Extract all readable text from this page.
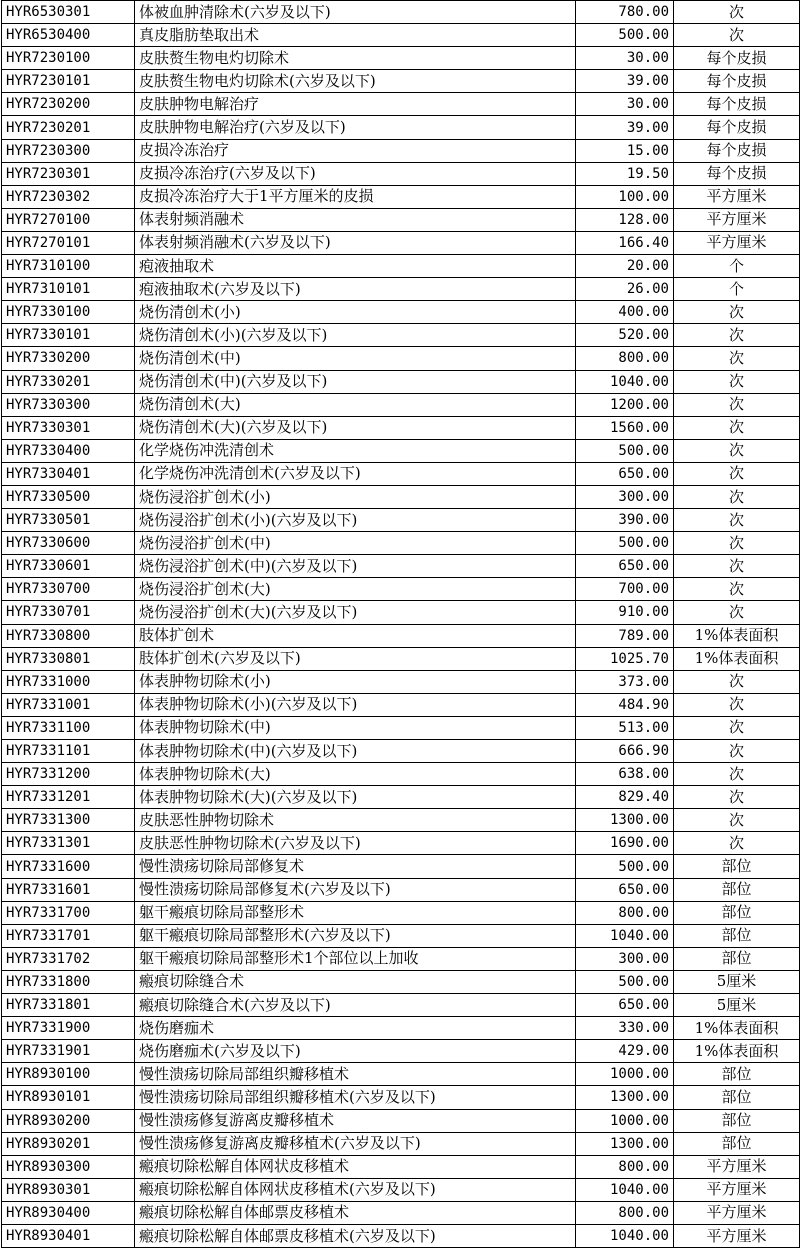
HYR6530301	体被血肿清除术(六岁及以下)	780.00	次
HYR6530400	真皮脂肪垫取出术	500.00	次
HYR7230100	皮肤赘生物电灼切除术	30.00	每个皮损
HYR7230101	皮肤赘生物电灼切除术(六岁及以下)	39.00	每个皮损
HYR7230200	皮肤肿物电解治疗	30.00	每个皮损
HYR7230201	皮肤肿物电解治疗(六岁及以下)	39.00	每个皮损
HYR7230300	皮损冷冻治疗	15.00	每个皮损
HYR7230301	皮损冷冻治疗(六岁及以下)	19.50	每个皮损
HYR7230302	皮损冷冻治疗大于1平方厘米的皮损	100.00	平方厘米
HYR7270100	体表射频消融术	128.00	平方厘米
HYR7270101	体表射频消融术(六岁及以下)	166.40	平方厘米
HYR7310100	疱液抽取术	20.00	个
HYR7310101	疱液抽取术(六岁及以下)	26.00	个
HYR7330100	烧伤清创术(小)	400.00	次
HYR7330101	烧伤清创术(小)(六岁及以下)	520.00	次
HYR7330200	烧伤清创术(中)	800.00	次
HYR7330201	烧伤清创术(中)(六岁及以下)	1040.00	次
HYR7330300	烧伤清创术(大)	1200.00	次
HYR7330301	烧伤清创术(大)(六岁及以下)	1560.00	次
HYR7330400	化学烧伤冲洗清创术	500.00	次
HYR7330401	化学烧伤冲洗清创术(六岁及以下)	650.00	次
HYR7330500	烧伤浸浴扩创术(小)	300.00	次
HYR7330501	烧伤浸浴扩创术(小)(六岁及以下)	390.00	次
HYR7330600	烧伤浸浴扩创术(中)	500.00	次
HYR7330601	烧伤浸浴扩创术(中)(六岁及以下)	650.00	次
HYR7330700	烧伤浸浴扩创术(大)	700.00	次
HYR7330701	烧伤浸浴扩创术(大)(六岁及以下)	910.00	次
HYR7330800	肢体扩创术	789.00	1%体表面积
HYR7330801	肢体扩创术(六岁及以下)	1025.70	1%体表面积
HYR7331000	体表肿物切除术(小)	373.00	次
HYR7331001	体表肿物切除术(小)(六岁及以下)	484.90	次
HYR7331100	体表肿物切除术(中)	513.00	次
HYR7331101	体表肿物切除术(中)(六岁及以下)	666.90	次
HYR7331200	体表肿物切除术(大)	638.00	次
HYR7331201	体表肿物切除术(大)(六岁及以下)	829.40	次
HYR7331300	皮肤恶性肿物切除术	1300.00	次
HYR7331301	皮肤恶性肿物切除术(六岁及以下)	1690.00	次
HYR7331600	慢性溃疡切除局部修复术	500.00	部位
HYR7331601	慢性溃疡切除局部修复术(六岁及以下)	650.00	部位
HYR7331700	躯干瘢痕切除局部整形术	800.00	部位
HYR7331701	躯干瘢痕切除局部整形术(六岁及以下)	1040.00	部位
HYR7331702	躯干瘢痕切除局部整形术1个部位以上加收	300.00	部位
HYR7331800	瘢痕切除缝合术	500.00	5厘米
HYR7331801	瘢痕切除缝合术(六岁及以下)	650.00	5厘米
HYR7331900	烧伤磨痂术	330.00	1%体表面积
HYR7331901	烧伤磨痂术(六岁及以下)	429.00	1%体表面积
HYR8930100	慢性溃疡切除局部组织瓣移植术	1000.00	部位
HYR8930101	慢性溃疡切除局部组织瓣移植术(六岁及以下)	1300.00	部位
HYR8930200	慢性溃疡修复游离皮瓣移植术	1000.00	部位
HYR8930201	慢性溃疡修复游离皮瓣移植术(六岁及以下)	1300.00	部位
HYR8930300	瘢痕切除松解自体网状皮移植术	800.00	平方厘米
HYR8930301	瘢痕切除松解自体网状皮移植术(六岁及以下)	1040.00	平方厘米
HYR8930400	瘢痕切除松解自体邮票皮移植术	800.00	平方厘米
HYR8930401	瘢痕切除松解自体邮票皮移植术(六岁及以下)	1040.00	平方厘米
